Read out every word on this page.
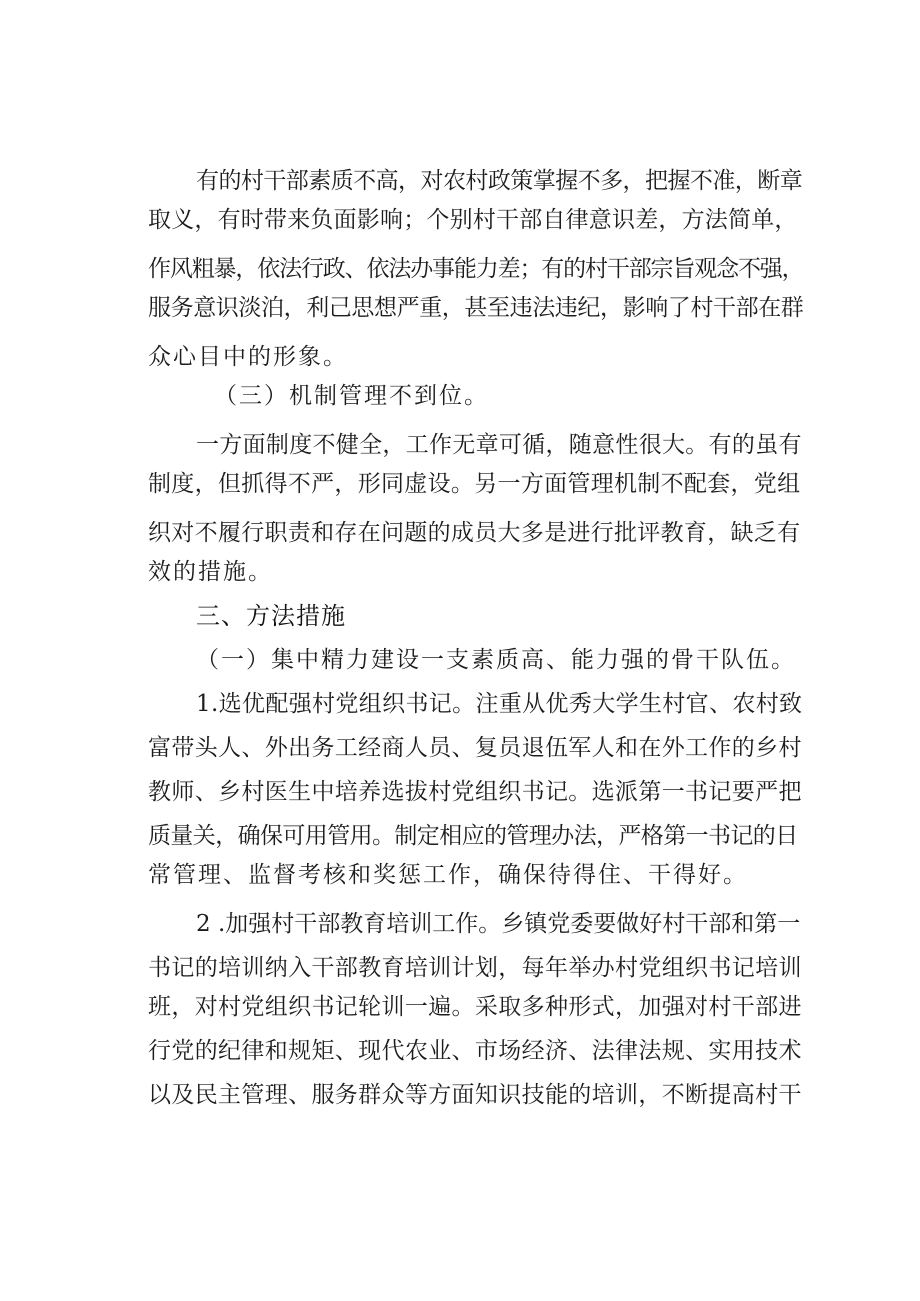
有的村干部素质不高，对农村政策掌握不多，把握不准，断章

取义，有时带来负面影响；个别村干部自律意识差，方法简单，

作风粗暴，依法行政、依法办事能力差；有的村干部宗旨观念不强，

服务意识淡泊，利己思想严重，甚至违法违纪，影响了村干部在群

众心目中的形象。

（三）机制管理不到位。

一方面制度不健全，工作无章可循，随意性很大。有的虽有

制度，但抓得不严，形同虚设。另一方面管理机制不配套，党组

织对不履行职责和存在问题的成员大多是进行批评教育，缺乏有

效的措施。

三、方法措施

（一）集中精力建设一支素质高、能力强的骨干队伍。

1.选优配强村党组织书记。注重从优秀大学生村官、农村致

富带头人、外出务工经商人员、复员退伍军人和在外工作的乡村

教师、乡村医生中培养选拔村党组织书记。选派第一书记要严把

质量关，确保可用管用。制定相应的管理办法，严格第一书记的日

常管理、监督考核和奖惩工作，确保待得住、干得好。

2 .加强村干部教育培训工作。乡镇党委要做好村干部和第一

书记的培训纳入干部教育培训计划，每年举办村党组织书记培训

班，对村党组织书记轮训一遍。采取多种形式，加强对村干部进

行党的纪律和规矩、现代农业、市场经济、法律法规、实用技术

以及民主管理、服务群众等方面知识技能的培训，不断提高村干
